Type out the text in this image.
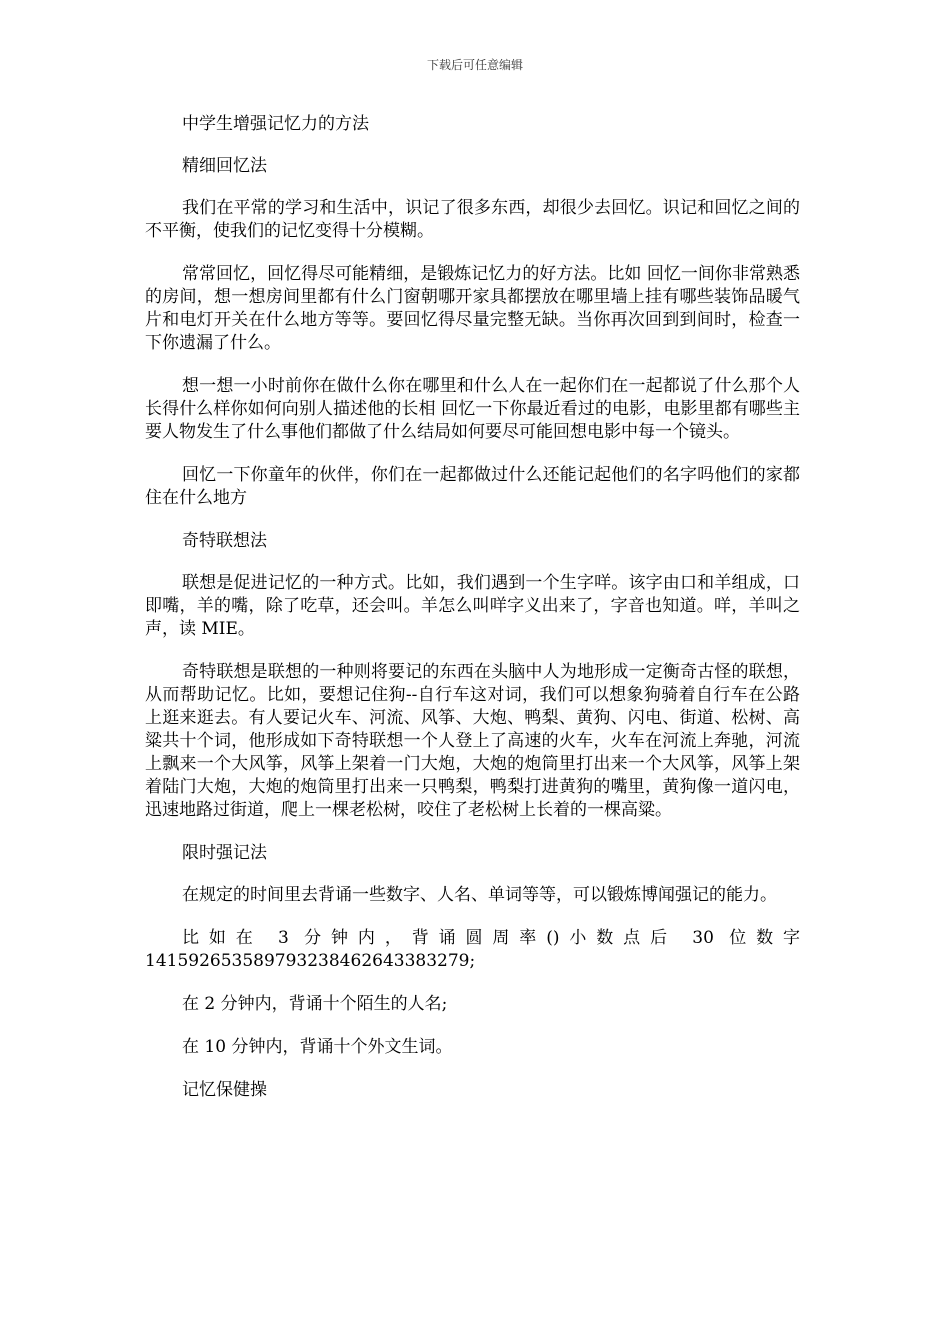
下载后可任意编辑

中学生增强记忆力的方法

精细回忆法

我们在平常的学习和生活中，识记了很多东西，却很少去回忆。识记和回忆之间的不平衡，使我们的记忆变得十分模糊。

常常回忆，回忆得尽可能精细，是锻炼记忆力的好方法。比如 回忆一间你非常熟悉的房间，想一想房间里都有什么门窗朝哪开家具都摆放在哪里墙上挂有哪些装饰品暖气片和电灯开关在什么地方等等。要回忆得尽量完整无缺。当你再次回到到间时，检查一下你遗漏了什么。

想一想一小时前你在做什么你在哪里和什么人在一起你们在一起都说了什么那个人长得什么样你如何向别人描述他的长相 回忆一下你最近看过的电影，电影里都有哪些主要人物发生了什么事他们都做了什么结局如何要尽可能回想电影中每一个镜头。

回忆一下你童年的伙伴，你们在一起都做过什么还能记起他们的名字吗他们的家都住在什么地方

奇特联想法

联想是促进记忆的一种方式。比如，我们遇到一个生字咩。该字由口和羊组成，口即嘴，羊的嘴，除了吃草，还会叫。羊怎么叫咩字义出来了，字音也知道。咩，羊叫之声，读 MIE。

奇特联想是联想的一种则将要记的东西在头脑中人为地形成一定衡奇古怪的联想，从而帮助记忆。比如，要想记住狗--自行车这对词，我们可以想象狗骑着自行车在公路上逛来逛去。有人要记火车、河流、风筝、大炮、鸭梨、黄狗、闪电、街道、松树、高粱共十个词，他形成如下奇特联想一个人登上了高速的火车，火车在河流上奔驰，河流上飘来一个大风筝，风筝上架着一门大炮，大炮的炮筒里打出来一个大风筝，风筝上架着陆门大炮，大炮的炮筒里打出来一只鸭梨，鸭梨打进黄狗的嘴里，黄狗像一道闪电，迅速地路过街道，爬上一棵老松树，咬住了老松树上长着的一棵高粱。

限时强记法

在规定的时间里去背诵一些数字、人名、单词等等，可以锻炼博闻强记的能力。

比如在 3 分钟内，背诵圆周率()小数点后 30 位数字 141592653589793238462643383279;

在 2 分钟内，背诵十个陌生的人名;

在 10 分钟内，背诵十个外文生词。

记忆保健操
